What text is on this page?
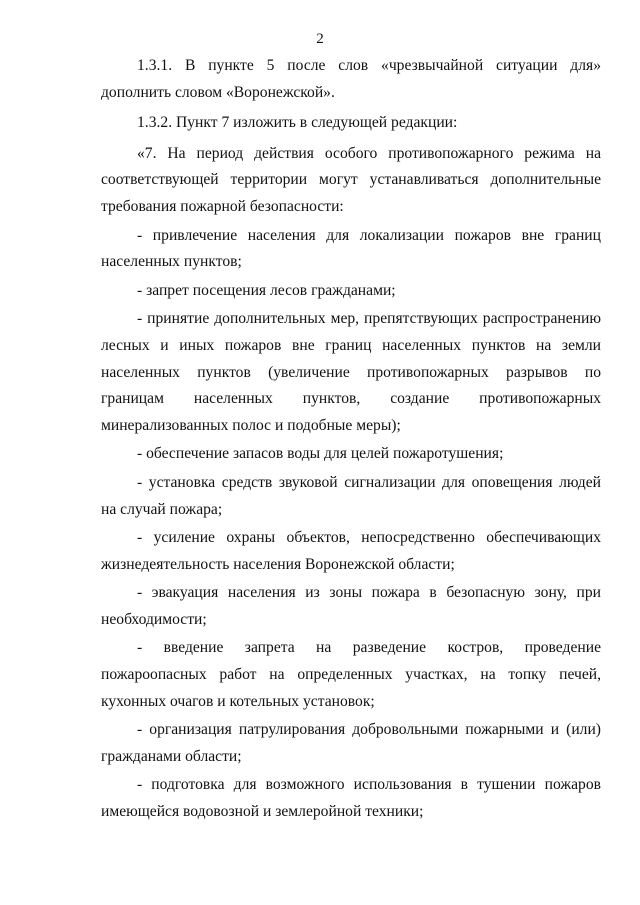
2

1.3.1. В пункте 5 после слов «чрезвычайной ситуации для» дополнить словом «Воронежской».

1.3.2. Пункт 7 изложить в следующей редакции:

«7. На период действия особого противопожарного режима на соответствующей территории могут устанавливаться дополнительные требования пожарной безопасности:

- привлечение населения для локализации пожаров вне границ населенных пунктов;

- запрет посещения лесов гражданами;

- принятие дополнительных мер, препятствующих распространению лесных и иных пожаров вне границ населенных пунктов на земли населенных пунктов (увеличение противопожарных разрывов по границам населенных пунктов, создание противопожарных минерализованных полос и подобные меры);

- обеспечение запасов воды для целей пожаротушения;

- установка средств звуковой сигнализации для оповещения людей на случай пожара;

- усиление охраны объектов, непосредственно обеспечивающих жизнедеятельность населения Воронежской области;

- эвакуация населения из зоны пожара в безопасную зону, при необходимости;

- введение запрета на разведение костров, проведение пожароопасных работ на определенных участках, на топку печей, кухонных очагов и котельных установок;

- организация патрулирования добровольными пожарными и (или) гражданами области;

- подготовка для возможного использования в тушении пожаров имеющейся водовозной и землеройной техники;
